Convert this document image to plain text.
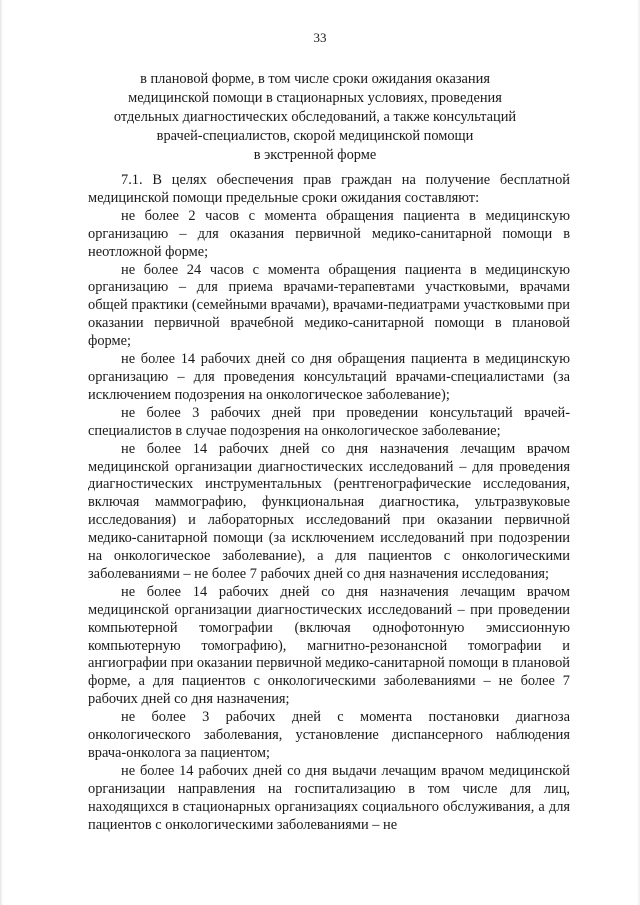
33
в плановой форме, в том числе сроки ожидания оказания
медицинской помощи в стационарных условиях, проведения
отдельных диагностических обследований, а также консультаций
врачей-специалистов, скорой медицинской помощи
в экстренной форме

7.1. В целях обеспечения прав граждан на получение бесплатной медицинской помощи предельные сроки ожидания составляют:

не более 2 часов с момента обращения пациента в медицинскую организацию – для оказания первичной медико-санитарной помощи в неотложной форме;

не более 24 часов с момента обращения пациента в медицинскую организацию – для приема врачами-терапевтами участковыми, врачами общей практики (семейными врачами), врачами-педиатрами участковыми при оказании первичной врачебной медико-санитарной помощи в плановой форме;

не более 14 рабочих дней со дня обращения пациента в медицинскую организацию – для проведения консультаций врачами-специалистами (за исключением подозрения на онкологическое заболевание);

не более 3 рабочих дней при проведении консультаций врачей-специалистов в случае подозрения на онкологическое заболевание;

не более 14 рабочих дней со дня назначения лечащим врачом медицинской организации диагностических исследований – для проведения диагностических инструментальных (рентгенографические исследования, включая маммографию, функциональная диагностика, ультразвуковые исследования) и лабораторных исследований при оказании первичной медико-санитарной помощи (за исключением исследований при подозрении на онкологическое заболевание), а для пациентов с онкологическими заболеваниями – не более 7 рабочих дней со дня назначения исследования;

не более 14 рабочих дней со дня назначения лечащим врачом медицинской организации диагностических исследований – при проведении компьютерной томографии (включая однофотонную эмиссионную компьютерную томографию), магнитно-резонансной томографии и ангиографии при оказании первичной медико-санитарной помощи в плановой форме, а для пациентов с онкологическими заболеваниями – не более 7 рабочих дней со дня назначения;

не более 3 рабочих дней с момента постановки диагноза онкологического заболевания, установление диспансерного наблюдения врача-онколога за пациентом;

не более 14 рабочих дней со дня выдачи лечащим врачом медицинской организации направления на госпитализацию в том числе для лиц, находящихся в стационарных организациях социального обслуживания, а для пациентов с онкологическими заболеваниями – не
